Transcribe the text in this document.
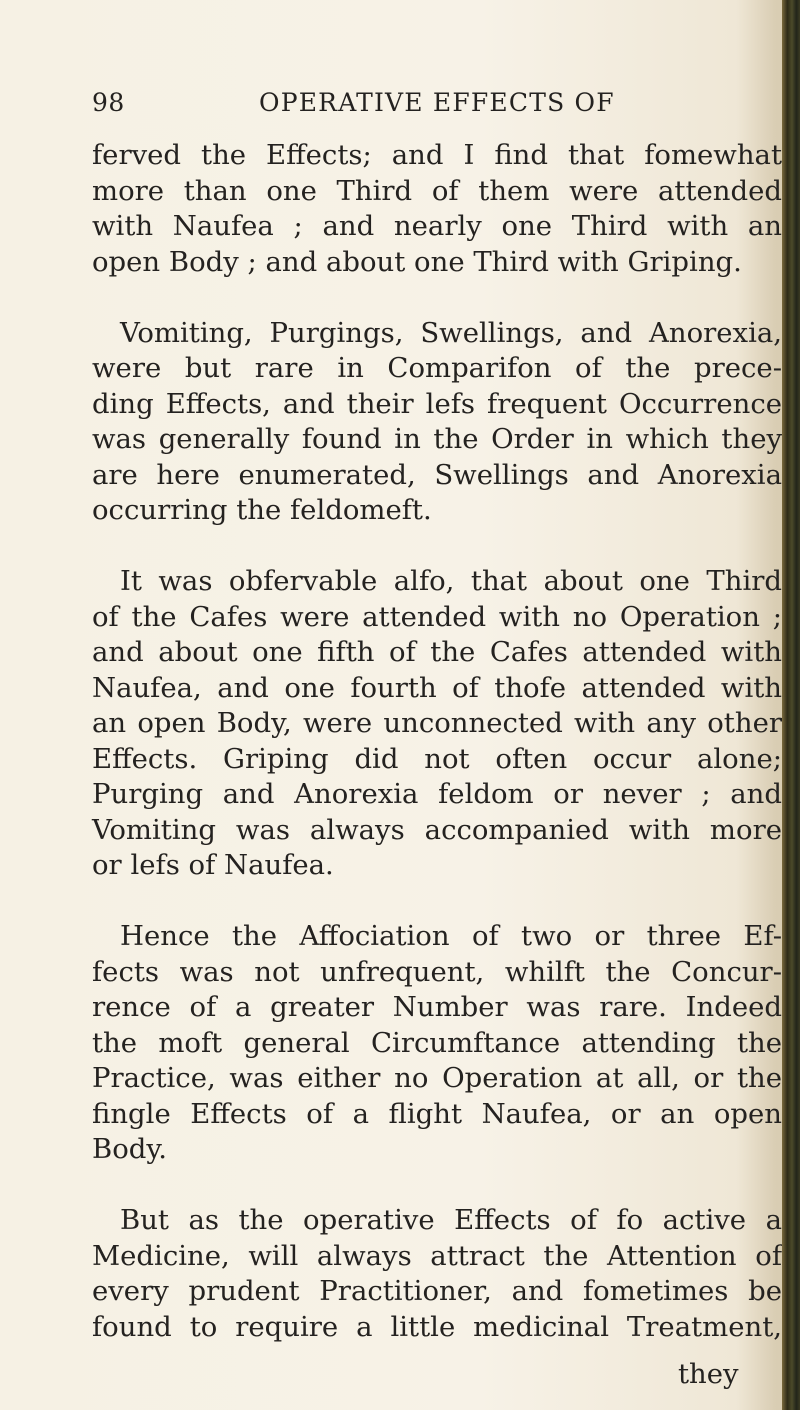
98	OPERATIVE EFFECTS OF
ferved the Effects; and I find that fomewhat
more than one Third of them were attended
with Naufea ; and nearly one Third with an
open Body ; and about one Third with Griping.
Vomiting, Purgings, Swellings, and Anorexia,
were but rare in Comparifon of the prece-
ding Effects, and their lefs frequent Occurrence
was generally found in the Order in which they
are here enumerated, Swellings and Anorexia
occurring the feldomeft.
It was obfervable alfo, that about one Third
of the Cafes were attended with no Operation ;
and about one fifth of the Cafes attended with
Naufea, and one fourth of thofe attended with
an open Body, were unconnected with any other
Effects. Griping did not often occur alone;
Purging and Anorexia feldom or never ; and
Vomiting was always accompanied with more
or lefs of Naufea.
Hence the Affociation of two or three Ef-
fects was not unfrequent, whilft the Concur-
rence of a greater Number was rare. Indeed
the moft general Circumftance attending the
Practice, was either no Operation at all, or the
fingle Effects of a flight Naufea, or an open
Body.
But as the operative Effects of fo active a
Medicine, will always attract the Attention of
every prudent Practitioner, and fometimes be
found to require a little medicinal Treatment,
they
